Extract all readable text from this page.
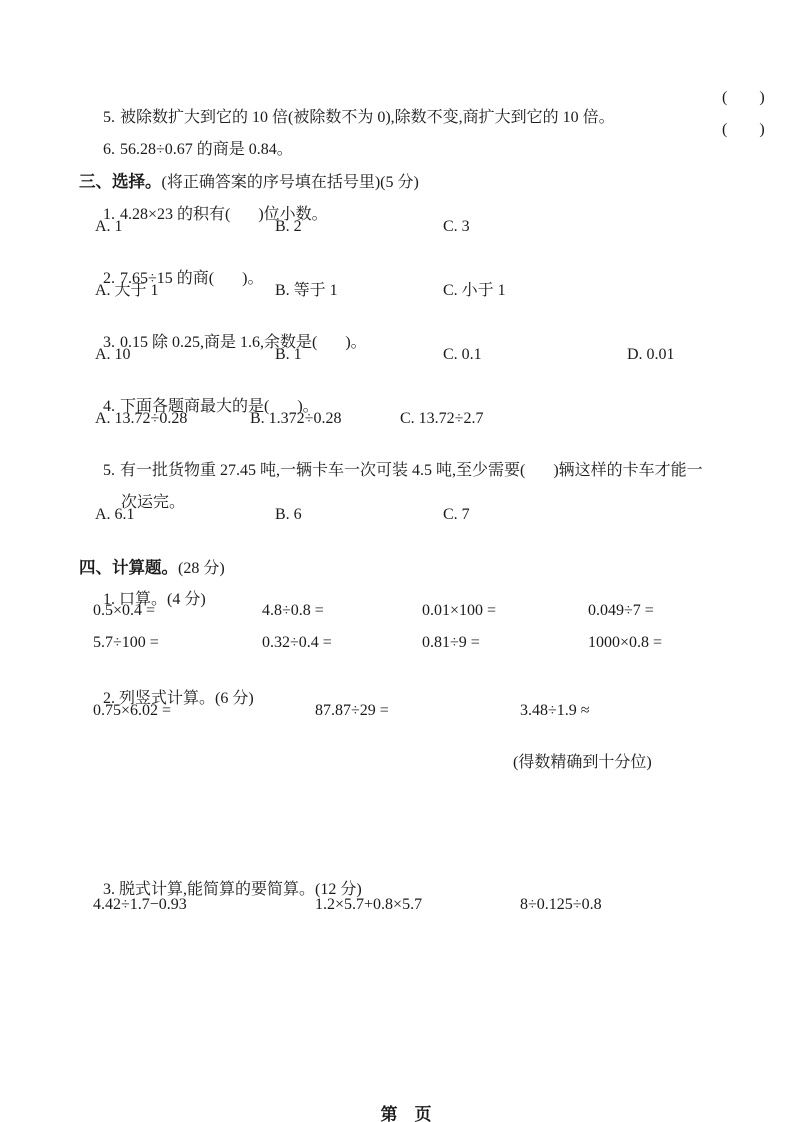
5. 被除数扩大到它的 10 倍(被除数不为 0),除数不变,商扩大到它的 10 倍。

(        )

6. 56.28÷0.67 的商是 0.84。

(        )

三、选择。(将正确答案的序号填在括号里)(5 分)

1. 4.28×23 的积有(       )位小数。

A. 1	B. 2	C. 3

2. 7.65÷15 的商(       )。

A. 大于 1	B. 等于 1	C. 小于 1

3. 0.15 除 0.25,商是 1.6,余数是(       )。

A. 10	B. 1	C. 0.1	D. 0.01

4. 下面各题商最大的是(       )。

A. 13.72÷0.28	B. 1.372÷0.28	C. 13.72÷2.7

5. 有一批货物重 27.45 吨,一辆卡车一次可装 4.5 吨,至少需要(       )辆这样的卡车才能一

次运完。

A. 6.1	B. 6	C. 7

四、计算题。(28 分)

1. 口算。(4 分)

0.5×0.4 =	4.8÷0.8 =	0.01×100 =	0.049÷7 =
5.7÷100 =	0.32÷0.4 =	0.81÷9 =	1000×0.8 =

2. 列竖式计算。(6 分)

0.75×6.02 =	87.87÷29 =	3.48÷1.9 ≈

(得数精确到十分位)

3. 脱式计算,能简算的要简算。(12 分)

4.42÷1.7−0.93	1.2×5.7+0.8×5.7	8÷0.125÷0.8

第　页
